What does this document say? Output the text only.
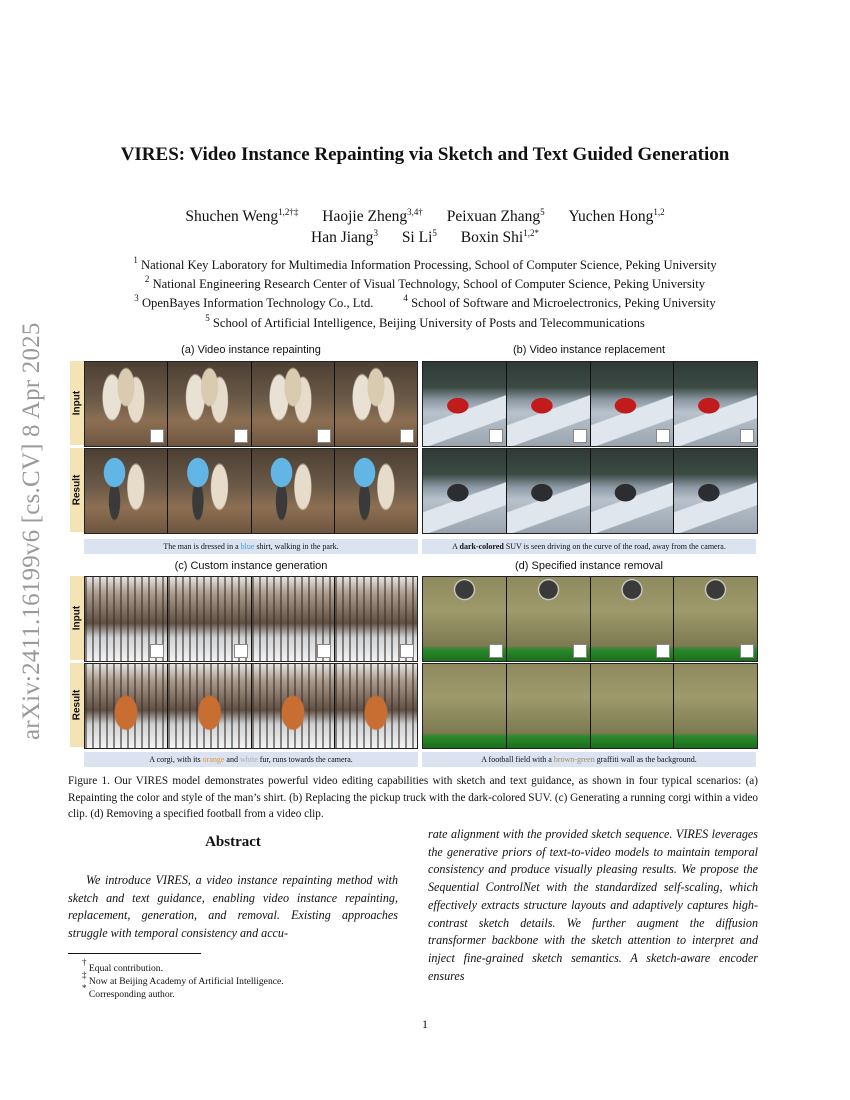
arXiv:2411.16199v6 [cs.CV] 8 Apr 2025
VIRES: Video Instance Repainting via Sketch and Text Guided Generation
Shuchen Weng$^{1,2\dagger\ddagger}$ Haojie Zheng$^{3,4\dagger}$ Peixuan Zhang$^5$ Yuchen Hong$^{1,2}$
Han Jiang$^3$ Si Li$^5$ Boxin Shi$^{1,2*}$
$^1$ National Key Laboratory for Multimedia Information Processing, School of Computer Science, Peking University
$^2$ National Engineering Research Center of Visual Technology, School of Computer Science, Peking University
$^3$ OpenBayes Information Technology Co., Ltd.	$^4$ School of Software and Microelectronics, Peking University
$^5$ School of Artificial Intelligence, Beijing University of Posts and Telecommunications
(a) Video instance repainting	(b) Video instance replacement
(c) Custom instance generation	(d) Specified instance removal
Input
Result
Input
Result
The man is dressed in a blue shirt, walking in the park.	A dark-colored SUV is seen driving on the curve of the road, away from the camera.
A corgi, with its orange and white fur, runs towards the camera.	A football field with a brown-green graffiti wall as the background.
Figure 1. Our VIRES model demonstrates powerful video editing capabilities with sketch and text guidance, as shown in four typical scenarios: (a) Repainting the color and style of the man’s shirt. (b) Replacing the pickup truck with the dark-colored SUV. (c) Generating a running corgi within a video clip. (d) Removing a specified football from a video clip.
Abstract
We introduce VIRES, a video instance repainting method with sketch and text guidance, enabling video instance repainting, replacement, generation, and removal. Existing approaches struggle with temporal consistency and accu-
rate alignment with the provided sketch sequence. VIRES leverages the generative priors of text-to-video models to maintain temporal consistency and produce visually pleasing results. We propose the Sequential ControlNet with the standardized self-scaling, which effectively extracts structure layouts and adaptively captures high-contrast sketch details. We further augment the diffusion transformer backbone with the sketch attention to interpret and inject fine-grained sketch semantics. A sketch-aware encoder ensures
† Equal contribution.
‡ Now at Beijing Academy of Artificial Intelligence.
* Corresponding author.
1
